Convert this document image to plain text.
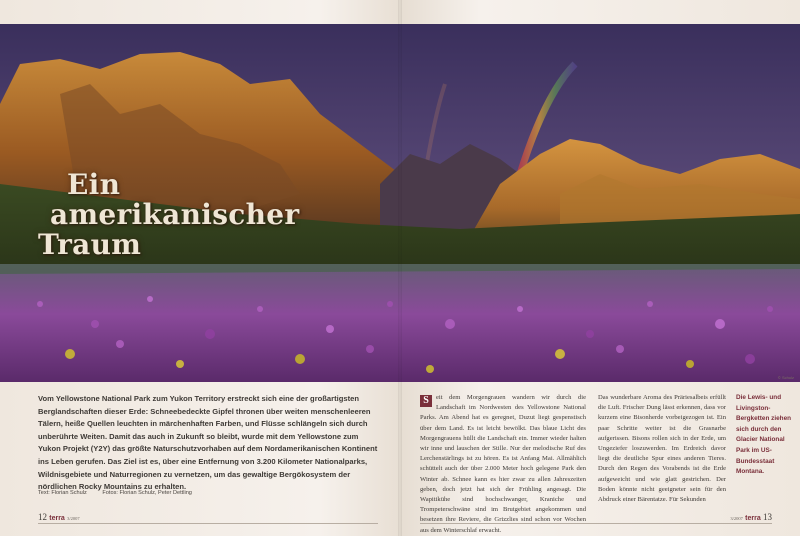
Ein
amerikanischer
Traum
© Schulz
Vom Yellowstone National Park zum Yukon Territory erstreckt sich eine der großartigsten Berglandschaften dieser Erde: Schneebedeckte Gipfel thronen über weiten menschenleeren Tälern, heiße Quellen leuchten in märchenhaften Farben, und Flüsse schlängeln sich durch unberührte Weiten. Damit das auch in Zukunft so bleibt, wurde mit dem Yellowstone zum Yukon Projekt (Y2Y) das größte Naturschutzvorhaben auf dem Nordamerikanischen Kontinent ins Leben gerufen. Das Ziel ist es, über eine Entfernung von 3.200 Kilometer Nationalparks, Wildnisgebiete und Naturregionen zu vernetzen, um das gewaltige Bergökosystem der nördlichen Rocky Mountains zu erhalten.
Text: Florian Schulz	Fotos: Florian Schulz, Peter Dettling
S	eit dem Morgengrauen wandern wir durch die Landschaft im Nordwesten des Yellowstone National Parks. Am Abend hat es geregnet, Duzut liegt gespenstisch über dem Land. Es ist leicht bewölkt. Das blaue Licht des Morgengrauens hüllt die Landschaft ein. Immer wieder halten wir inne und lauschen der Stille. Nur der melodische Ruf des Lerchenstärlings ist zu hören. Es ist Anfang Mai. Allmählich schüttelt auch der über 2.000 Meter hoch gelegene Park den Winter ab. Schnee kann es hier zwar zu allen Jahreszeiten geben, doch jetzt hat sich der Frühling angesagt. Die Wapitikühe sind hochschwanger, Kraniche und Trompeterschwäne sind im Brutgebiet angekommen und besetzen ihre Reviere, die Grizzlies sind schon vor Wochen aus dem Winterschlaf erwacht.
Das wunderbare Aroma des Präriesalbeis erfüllt die Luft. Frischer Dung lässt erkennen, dass vor kurzem eine Bisonherde vorbeigezogen ist. Ein paar Schritte weiter ist die Grasnarbe aufgerissen. Bisons rollen sich in der Erde, um Ungeziefer loszuwerden. Im Erdreich davor liegt die deutliche Spur eines anderen Tieres. Durch den Regen des Vorabends ist die Erde aufgeweicht und wie glatt gestrichen. Der Boden könnte nicht geeigneter sein für den Abdruck einer Bärentatze. Für Sekunden
Die Lewis- und Livingston-Bergketten ziehen sich durch den Glacier National Park im US-Bundesstaat Montana.
12 terra 3/2007	3/2007 terra 13
